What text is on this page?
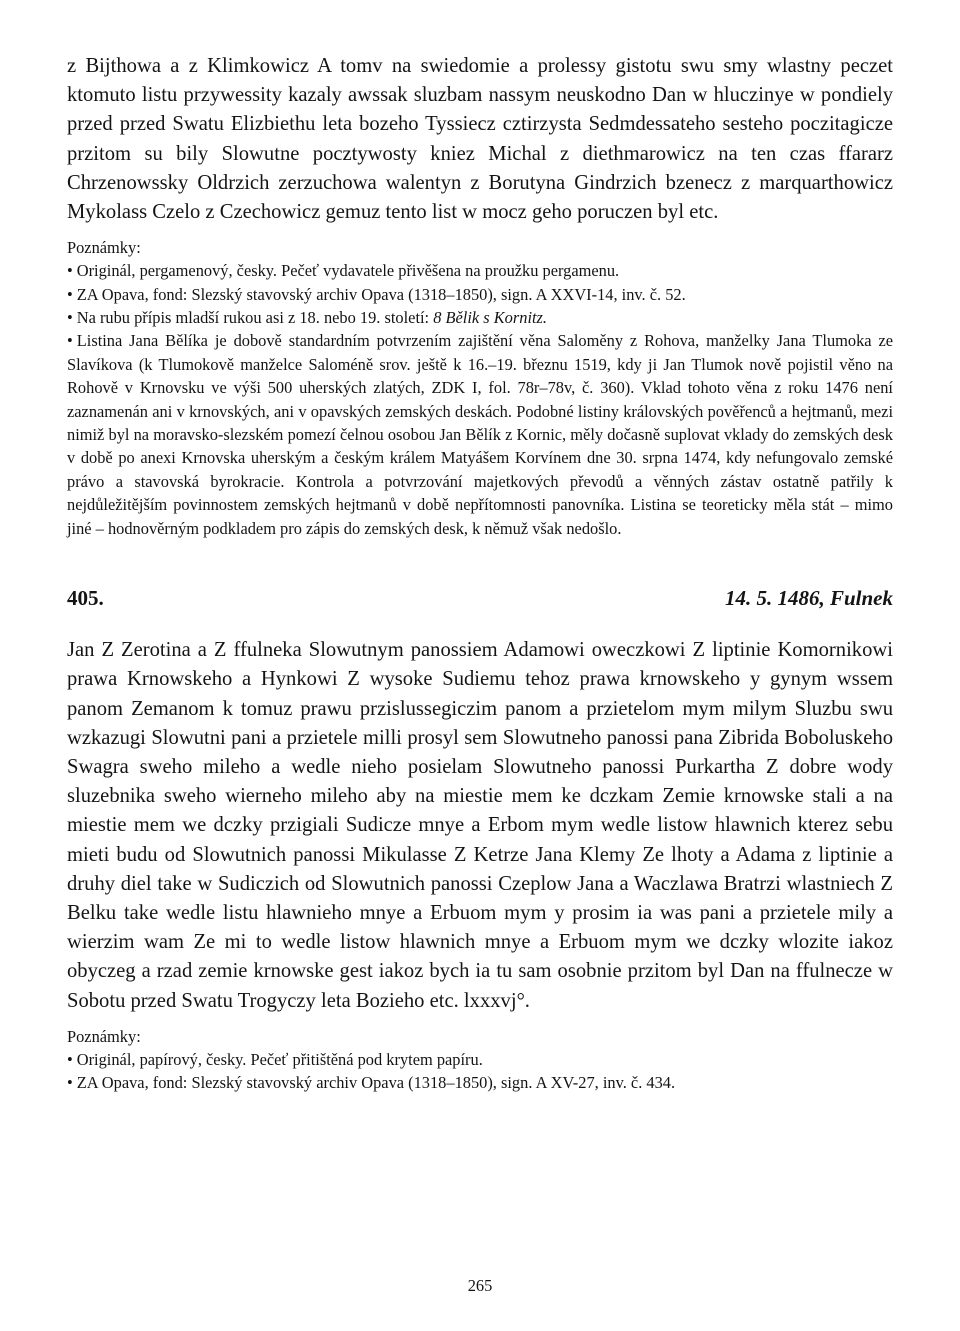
z Bijthowa a z Klimkowicz A tomv na swiedomie a prolessy gistotu swu smy wlastny peczet ktomuto listu przywessity kazaly awssak sluzbam nassym neuskodno Dan w hluczinye w pondiely przed przed Swatu Elizbiethu leta bozeho Tyssiecz cztirzysta Sedmdessateho sesteho poczitagicze przitom su bily Slowutne pocztywosty kniez Michal z diethmarowicz na ten czas ffararz Chrzenowssky Oldrzich zerzuchowa walentyn z Borutyna Gindrzich bzenecz z marquarthowicz Mykolass Czelo z Czechowicz gemuz tento list w mocz geho poruczen byl etc.

Poznámky:

• Originál, pergamenový, česky. Pečeť vydavatele přivěšena na proužku pergamenu.

• ZA Opava, fond: Slezský stavovský archiv Opava (1318–1850), sign. A XXVI-14, inv. č. 52.

• Na rubu přípis mladší rukou asi z 18. nebo 19. století: 8 Bělik s Kornitz.

• Listina Jana Bělíka je dobově standardním potvrzením zajištění věna Saloměny z Rohova, manželky Jana Tlumoka ze Slavíkova (k Tlumokově manželce Saloméně srov. ještě k 16.–19. březnu 1519, kdy ji Jan Tlumok nově pojistil věno na Rohově v Krnovsku ve výši 500 uherských zlatých, ZDK I, fol. 78r–78v, č. 360). Vklad tohoto věna z roku 1476 není zaznamenán ani v krnovských, ani v opavských zemských deskách. Podobné listiny královských pověřenců a hejtmanů, mezi nimiž byl na moravsko-slezském pomezí čelnou osobou Jan Bělík z Kornic, měly dočasně suplovat vklady do zemských desk v době po anexi Krnovska uherským a českým králem Matyášem Korvínem dne 30. srpna 1474, kdy nefungovalo zemské právo a stavovská byrokracie. Kontrola a potvrzování majetkových převodů a věnných zástav ostatně patřily k nejdůležitějším povinnostem zemských hejtmanů v době nepřítomnosti panovníka. Listina se teoreticky měla stát – mimo jiné – hodnověrným podkladem pro zápis do zemských desk, k němuž však nedošlo.

405.	14. 5. 1486, Fulnek

Jan Z Zerotina a Z ffulneka Slowutnym panossiem Adamowi oweczkowi Z liptinie Komornikowi prawa Krnowskeho a Hynkowi Z wysoke Sudiemu tehoz prawa krnowskeho y gynym wssem panom Zemanom k tomuz prawu przislussegiczim panom a przietelom mym milym Sluzbu swu wzkazugi Slowutni pani a przietele milli prosyl sem Slowutneho panossi pana Zibrida Boboluskeho Swagra sweho mileho a wedle nieho posielam Slowutneho panossi Purkartha Z dobre wody sluzebnika sweho wierneho mileho aby na miestie mem ke dczkam Zemie krnowske stali a na miestie mem we dczky przigiali Sudicze mnye a Erbom mym wedle listow hlawnich kterez sebu mieti budu od Slowutnich panossi Mikulasse Z Ketrze Jana Klemy Ze lhoty a Adama z liptinie a druhy diel take w Sudiczich od Slowutnich panossi Czeplow Jana a Waczlawa Bratrzi wlastniech Z Belku take wedle listu hlawnieho mnye a Erbuom mym y prosim ia was pani a przietele mily a wierzim wam Ze mi to wedle listow hlawnich mnye a Erbuom mym we dczky wlozite iakoz obyczeg a rzad zemie krnowske gest iakoz bych ia tu sam osobnie przitom byl Dan na ffulnecze w Sobotu przed Swatu Trogyczy leta Bozieho etc. lxxxvj°.

Poznámky:

• Originál, papírový, česky. Pečeť přitištěná pod krytem papíru.

• ZA Opava, fond: Slezský stavovský archiv Opava (1318–1850), sign. A XV-27, inv. č. 434.

265
